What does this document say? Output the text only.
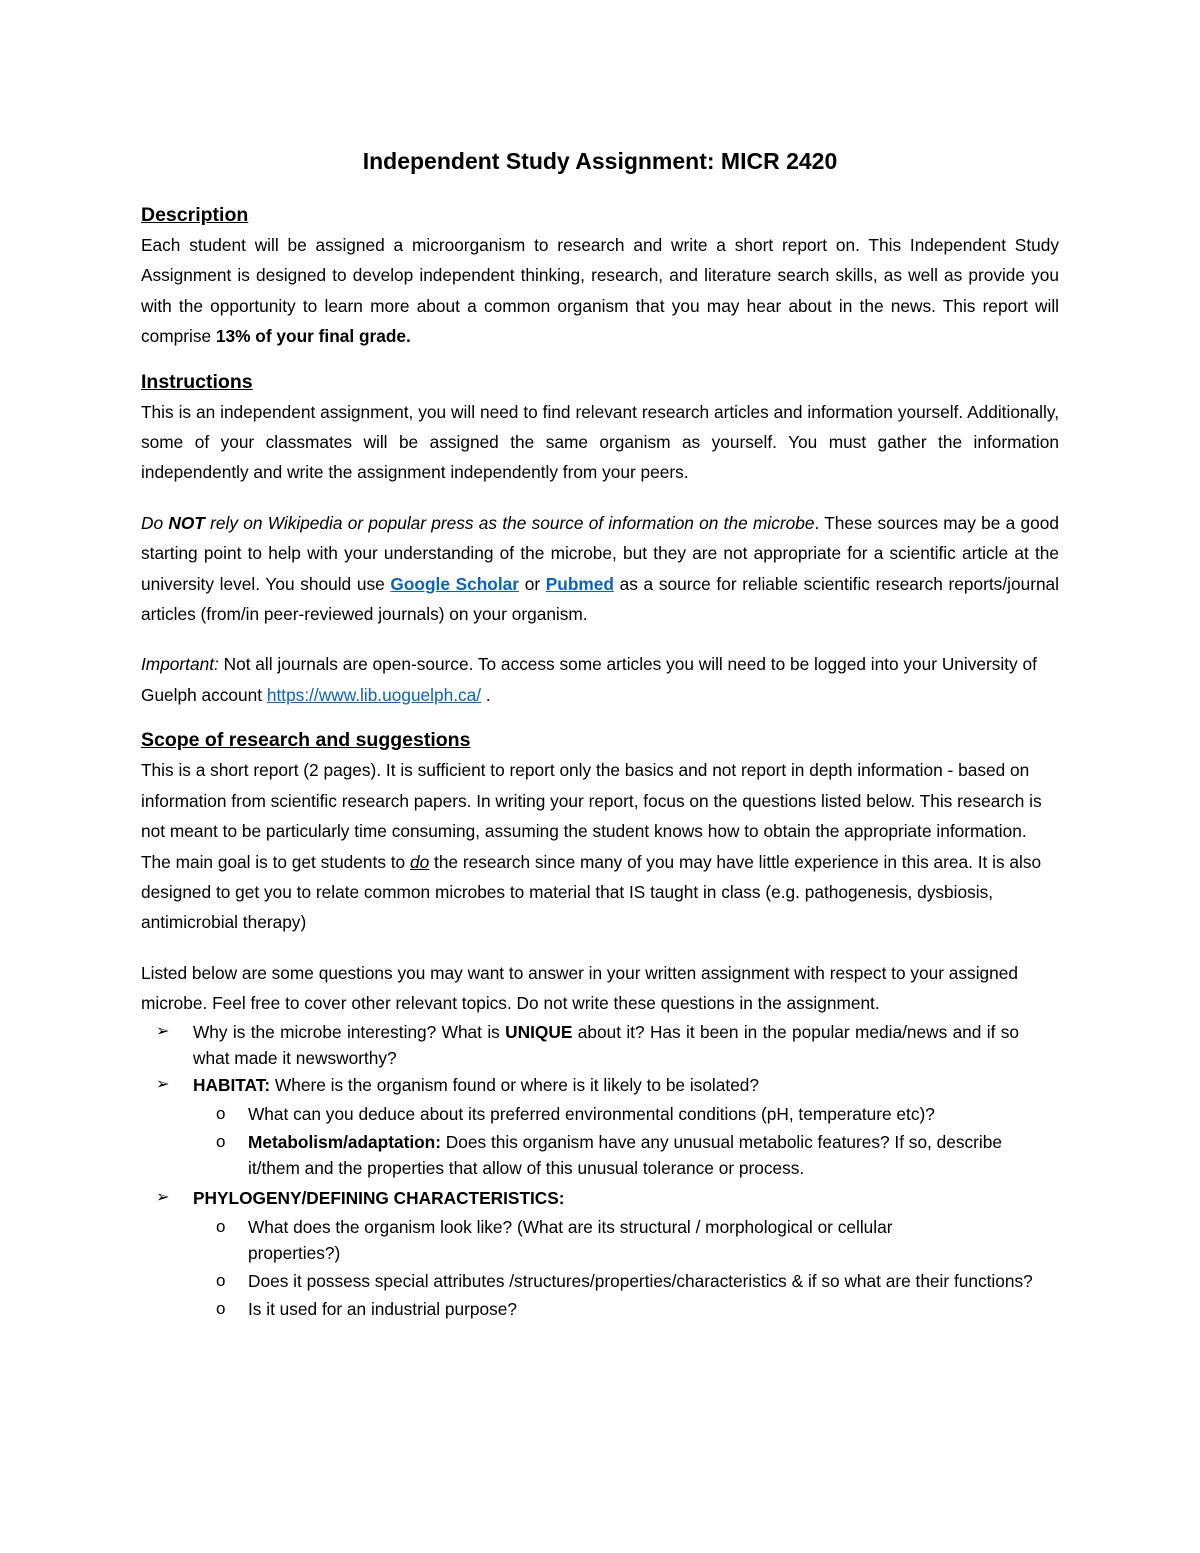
Independent Study Assignment: MICR 2420
Description

Each student will be assigned a microorganism to research and write a short report on. This Independent Study Assignment is designed to develop independent thinking, research, and literature search skills, as well as provide you with the opportunity to learn more about a common organism that you may hear about in the news. This report will comprise 13% of your final grade.

Instructions

This is an independent assignment, you will need to find relevant research articles and information yourself. Additionally, some of your classmates will be assigned the same organism as yourself. You must gather the information independently and write the assignment independently from your peers.

Do NOT rely on Wikipedia or popular press as the source of information on the microbe. These sources may be a good starting point to help with your understanding of the microbe, but they are not appropriate for a scientific article at the university level. You should use Google Scholar or Pubmed as a source for reliable scientific research reports/journal articles (from/in peer-reviewed journals) on your organism.

Important: Not all journals are open-source. To access some articles you will need to be logged into your University of Guelph account https://www.lib.uoguelph.ca/ .

Scope of research and suggestions

This is a short report (2 pages). It is sufficient to report only the basics and not report in depth information - based on information from scientific research papers. In writing your report, focus on the questions listed below. This research is not meant to be particularly time consuming, assuming the student knows how to obtain the appropriate information. The main goal is to get students to do the research since many of you may have little experience in this area. It is also designed to get you to relate common microbes to material that IS taught in class (e.g. pathogenesis, dysbiosis, antimicrobial therapy)

Listed below are some questions you may want to answer in your written assignment with respect to your assigned microbe. Feel free to cover other relevant topics. Do not write these questions in the assignment.

➢ Why is the microbe interesting? What is UNIQUE about it? Has it been in the popular media/news and if so what made it newsworthy?
➢ HABITAT: Where is the organism found or where is it likely to be isolated?
o What can you deduce about its preferred environmental conditions (pH, temperature etc)?
o Metabolism/adaptation: Does this organism have any unusual metabolic features? If so, describe it/them and the properties that allow of this unusual tolerance or process.
➢ PHYLOGENY/DEFINING CHARACTERISTICS:
o What does the organism look like? (What are its structural / morphological or cellular properties?)
o Does it possess special attributes /structures/properties/characteristics & if so what are their functions?
o Is it used for an industrial purpose?
